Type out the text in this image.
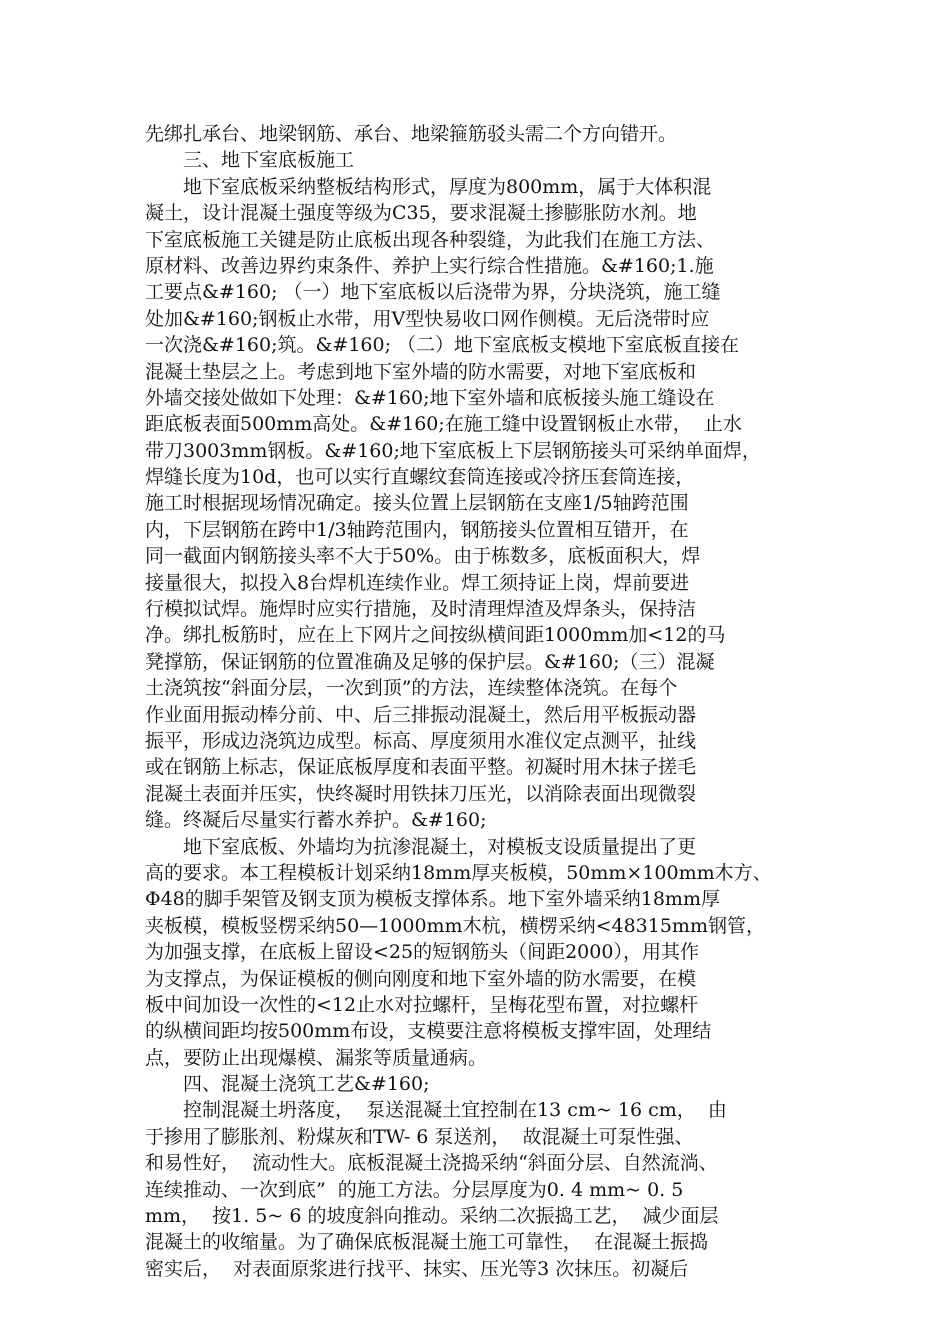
先绑扎承台、地梁钢筋、承台、地梁箍筋驳头需二个方向错开。
　　三、地下室底板施工
　　地下室底板采纳整板结构形式，厚度为800mm，属于大体积混
凝土，设计混凝土强度等级为C35，要求混凝土掺膨胀防水剂。地
下室底板施工关键是防止底板出现各种裂缝，为此我们在施工方法、
原材料、改善边界约束条件、养护上实行综合性措施。&#160;1.施
工要点&#160; （一）地下室底板以后浇带为界，分块浇筑，施工缝
处加&#160;钢板止水带，用V型快易收口网作侧模。无后浇带时应
一次浇&#160;筑。&#160; （二）地下室底板支模地下室底板直接在
混凝土垫层之上。考虑到地下室外墙的防水需要，对地下室底板和
外墙交接处做如下处理：&#160;地下室外墙和底板接头施工缝设在
距底板表面500mm高处。&#160;在施工缝中设置钢板止水带，  止水
带刀3003mm钢板。&#160;地下室底板上下层钢筋接头可采纳单面焊，
焊缝长度为10d，也可以实行直螺纹套筒连接或冷挤压套筒连接，
施工时根据现场情况确定。接头位置上层钢筋在支座1/5轴跨范围
内，下层钢筋在跨中1/3轴跨范围内，钢筋接头位置相互错开，在
同一截面内钢筋接头率不大于50%。由于栋数多，底板面积大，焊
接量很大，拟投入8台焊机连续作业。焊工须持证上岗，焊前要进
行模拟试焊。施焊时应实行措施，及时清理焊渣及焊条头，保持洁
净。绑扎板筋时，应在上下网片之间按纵横间距1000mm加<12的马
凳撑筋，保证钢筋的位置准确及足够的保护层。&#160;（三）混凝
土浇筑按“斜面分层，一次到顶”的方法，连续整体浇筑。在每个
作业面用振动棒分前、中、后三排振动混凝土，然后用平板振动器
振平，形成边浇筑边成型。标高、厚度须用水准仪定点测平，扯线
或在钢筋上标志，保证底板厚度和表面平整。初凝时用木抹子搓毛
混凝土表面并压实，快终凝时用铁抹刀压光，以消除表面出现微裂
缝。终凝后尽量实行蓄水养护。&#160;
　　地下室底板、外墙均为抗渗混凝土，对模板支设质量提出了更
高的要求。本工程模板计划采纳18mm厚夹板模，50mm×100mm木方、
Φ48的脚手架管及钢支顶为模板支撑体系。地下室外墙采纳18mm厚
夹板模，模板竖楞采纳50—1000mm木杭，横楞采纳<48315mm钢管，
为加强支撑，在底板上留设<25的短钢筋头（间距2000），用其作
为支撑点，为保证模板的侧向刚度和地下室外墙的防水需要，在模
板中间加设一次性的<12止水对拉螺杆，呈梅花型布置，对拉螺杆
的纵横间距均按500mm布设，支模要注意将模板支撑牢固，处理结
点，要防止出现爆模、漏浆等质量通病。
　　四、混凝土浇筑工艺&#160;
　　控制混凝土坍落度，  泵送混凝土宜控制在13 cm~ 16 cm，  由
于掺用了膨胀剂、粉煤灰和TW- 6 泵送剂，  故混凝土可泵性强、
和易性好，  流动性大。底板混凝土浇捣采纳“斜面分层、自然流淌、
连续推动、一次到底”  的施工方法。分层厚度为0. 4 mm~ 0. 5
mm，  按1. 5~ 6 的坡度斜向推动。采纳二次振捣工艺，  减少面层
混凝土的收缩量。为了确保底板混凝土施工可靠性，  在混凝土振捣
密实后，  对表面原浆进行找平、抹实、压光等3 次抹压。初凝后
